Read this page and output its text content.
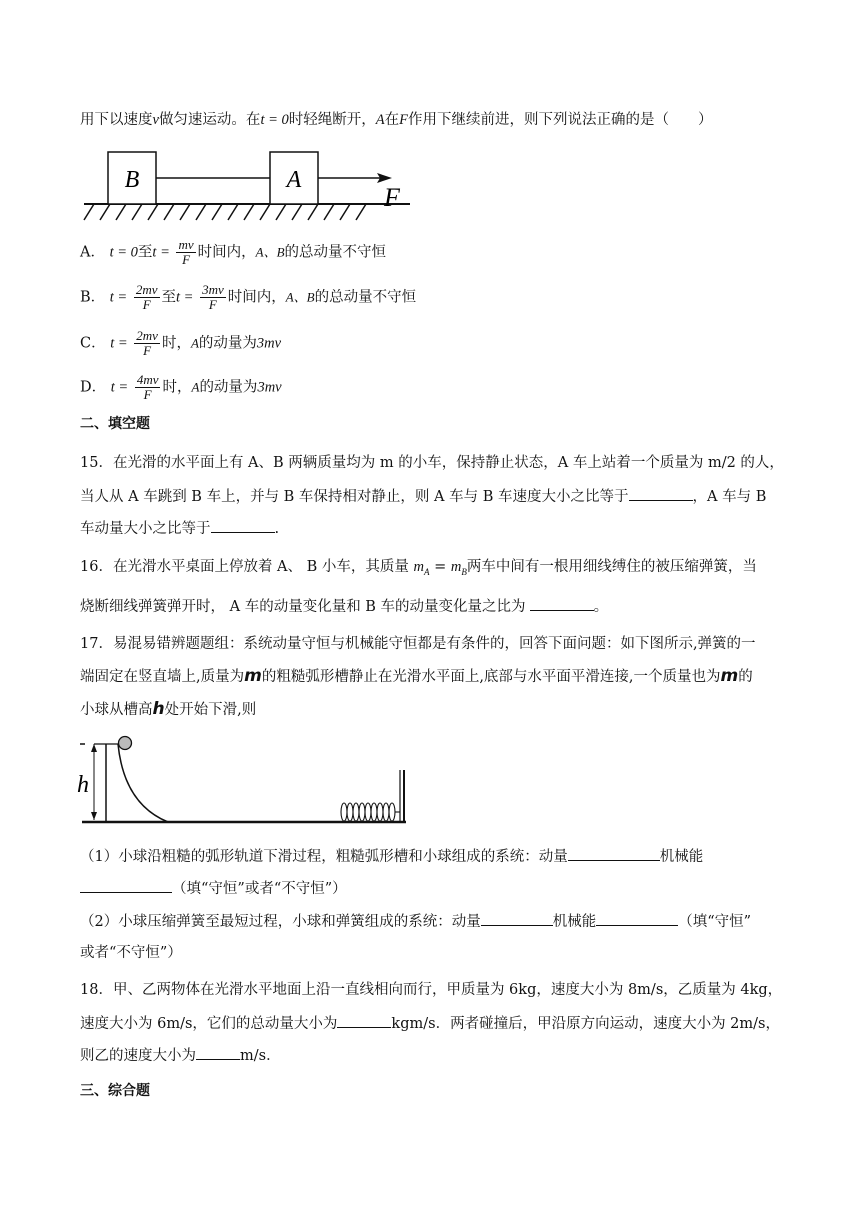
用下以速度v做匀速运动。在t = 0时轻绳断开，A在F作用下继续前进，则下列说法正确的是（　　）
B	A
F
A． t = 0至$t = \frac{mv}{F}$ 时间内，A、B的总动量不守恒
B． $t = \frac{2mv}{F}$ 至$t = \frac{3mv}{F}$ 时间内，A、B的总动量不守恒
C． $t = \frac{2mv}{F}$ 时，A的动量为3mv
D． $t = \frac{4mv}{F}$ 时，A的动量为3mv
二、填空题
15．在光滑的水平面上有 A、B 两辆质量均为 m 的小车，保持静止状态，A 车上站着一个质量为 m/2 的人，
当人从 A 车跳到 B 车上，并与 B 车保持相对静止，则 A 车与 B 车速度大小之比等于	，A 车与 B
车动量大小之比等于	.
16．在光滑水平桌面上停放着 A、 B 小车，其质量 $m_A = m_B$两车中间有一根用细线缚住的被压缩弹簧，当
烧断细线弹簧弹开时， A 车的动量变化量和 B 车的动量变化量之比为	。
17．易混易错辨题题组：系统动量守恒与机械能守恒都是有条件的，回答下面问题：如下图所示,弹簧的一
端固定在竖直墙上,质量为m的粗糙弧形槽静止在光滑水平面上,底部与水平面平滑连接,一个质量也为m的
小球从槽高h处开始下滑,则
h
（1）小球沿粗糙的弧形轨道下滑过程，粗糙弧形槽和小球组成的系统：动量	机械能
（填“守恒”或者“不守恒”）
（2）小球压缩弹簧至最短过程，小球和弹簧组成的系统：动量	机械能	（填“守恒”
或者“不守恒”）
18．甲、乙两物体在光滑水平地面上沿一直线相向而行，甲质量为 6kg，速度大小为 8m/s，乙质量为 4kg，
速度大小为 6m/s，它们的总动量大小为	kgm/s．两者碰撞后，甲沿原方向运动，速度大小为 2m/s，
则乙的速度大小为	m/s．
三、综合题
